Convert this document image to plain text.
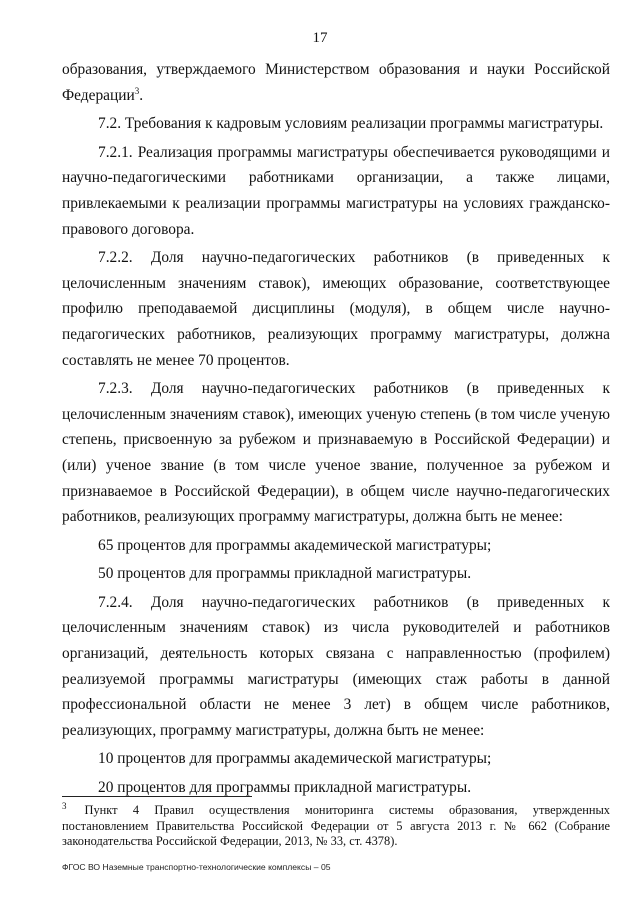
17

образования, утверждаемого Министерством образования и науки Российской Федерации$^3$.

7.2. Требования к кадровым условиям реализации программы магистратуры.

7.2.1. Реализация программы магистратуры обеспечивается руководящими и научно-педагогическими работниками организации, а также лицами, привлекаемыми к реализации программы магистратуры на условиях гражданско-правового договора.

7.2.2. Доля научно-педагогических работников (в приведенных к целочисленным значениям ставок), имеющих образование, соответствующее профилю преподаваемой дисциплины (модуля), в общем числе научно-педагогических работников, реализующих программу магистратуры, должна составлять не менее 70 процентов.

7.2.3. Доля научно-педагогических работников (в приведенных к целочисленным значениям ставок), имеющих ученую степень (в том числе ученую степень, присвоенную за рубежом и признаваемую в Российской Федерации) и (или) ученое звание (в том числе ученое звание, полученное за рубежом и признаваемое в Российской Федерации), в общем числе научно-педагогических работников, реализующих программу магистратуры, должна быть не менее:

65 процентов для программы академической магистратуры;

50 процентов для программы прикладной магистратуры.

7.2.4. Доля научно-педагогических работников (в приведенных к целочисленным значениям ставок) из числа руководителей и работников организаций, деятельность которых связана с направленностью (профилем) реализуемой программы магистратуры (имеющих стаж работы в данной профессиональной области не менее 3 лет) в общем числе работников, реализующих, программу магистратуры, должна быть не менее:

10 процентов для программы академической магистратуры;

20 процентов для программы прикладной магистратуры.

$^3$ Пункт 4 Правил осуществления мониторинга системы образования, утвержденных постановлением Правительства Российской Федерации от 5 августа 2013 г. № 662 (Собрание законодательства Российской Федерации, 2013, № 33, ст. 4378).
ФГОС ВО Наземные транспортно-технологические комплексы – 05
